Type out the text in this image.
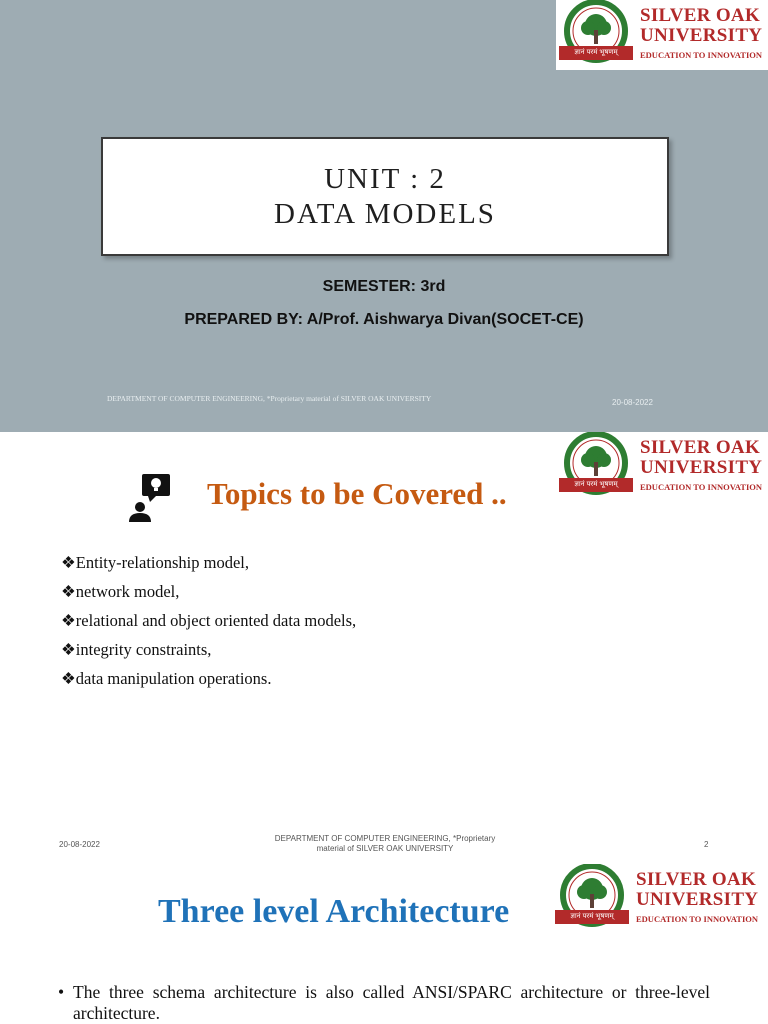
ज्ञानं परमं भूषणम्
SILVER OAK
UNIVERSITY
EDUCATION TO INNOVATION
UNIT : 2
DATA MODELS
SEMESTER: 3rd
PREPARED BY: A/Prof. Aishwarya Divan(SOCET-CE)
DEPARTMENT OF COMPUTER ENGINEERING, *Proprietary material of SILVER OAK UNIVERSITY	20-08-2022
ज्ञानं परमं भूषणम्
SILVER OAK
UNIVERSITY
EDUCATION TO INNOVATION
Topics to be Covered ..
❖Entity-relationship model,
❖network model,
❖relational and object oriented data models,
❖integrity constraints,
❖data manipulation operations.
20-08-2022
DEPARTMENT OF COMPUTER ENGINEERING, *Proprietary material of SILVER OAK UNIVERSITY	2
ज्ञानं परमं भूषणम्
SILVER OAK
UNIVERSITY
EDUCATION TO INNOVATION
Three level Architecture
• The three schema architecture is also called ANSI/SPARC architecture or three-level architecture.
